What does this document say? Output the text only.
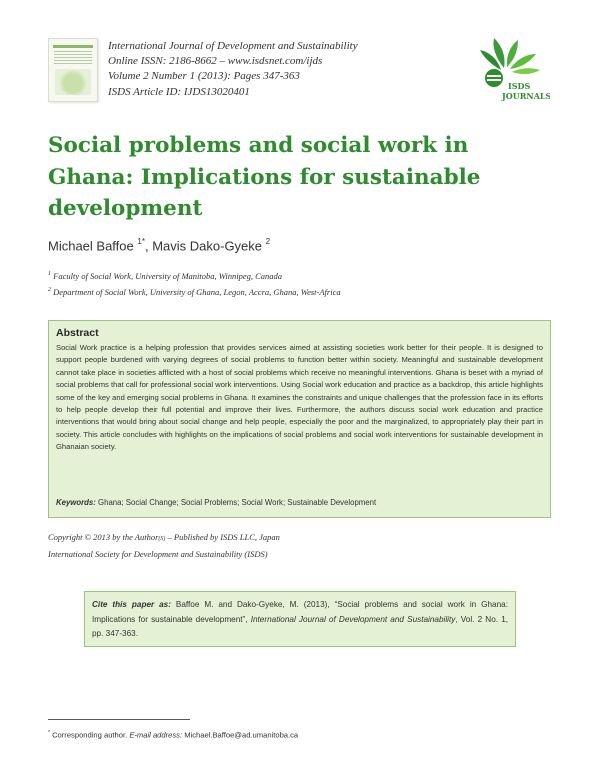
International Journal of Development and Sustainability
Online ISSN: 2186-8662 – www.isdsnet.com/ijds
Volume 2 Number 1 (2013): Pages 347-363
ISDS Article ID: IJDS13020401	ISDS
JOURNALS
Social problems and social work in
Ghana: Implications for sustainable
development
Michael Baffoe $^{1*}$, Mavis Dako-Gyeke $^2$
$^1$ Faculty of Social Work, University of Manitoba, Winnipeg, Canada
$^2$ Department of Social Work, University of Ghana, Legon, Accra, Ghana, West-Africa
Abstract

Social Work practice is a helping profession that provides services aimed at assisting societies work better for their people. It is designed to support people burdened with varying degrees of social problems to function better within society. Meaningful and sustainable development cannot take place in societies afflicted with a host of social problems which receive no meaningful interventions. Ghana is beset with a myriad of social problems that call for professional social work interventions. Using Social work education and practice as a backdrop, this article highlights some of the key and emerging social problems in Ghana. It examines the constraints and unique challenges that the profession face in its efforts to help people develop their full potential and improve their lives. Furthermore, the authors discuss social work education and practice interventions that would bring about social change and help people, especially the poor and the marginalized, to appropriately play their part in society. This article concludes with highlights on the implications of social problems and social work interventions for sustainable development in Ghanaian society.

Keywords: Ghana; Social Change; Social Problems; Social Work; Sustainable Development
Copyright © 2013 by the Author(S) – Published by ISDS LLC, Japan
International Society for Development and Sustainability (ISDS)
Cite this paper as: Baffoe M. and Dako-Gyeke, M. (2013), “Social problems and social work in Ghana: Implications for sustainable development”, International Journal of Development and Sustainability, Vol. 2 No. 1, pp. 347-363.
* Corresponding author. E-mail address: Michael.Baffoe@ad.umanitoba.ca
